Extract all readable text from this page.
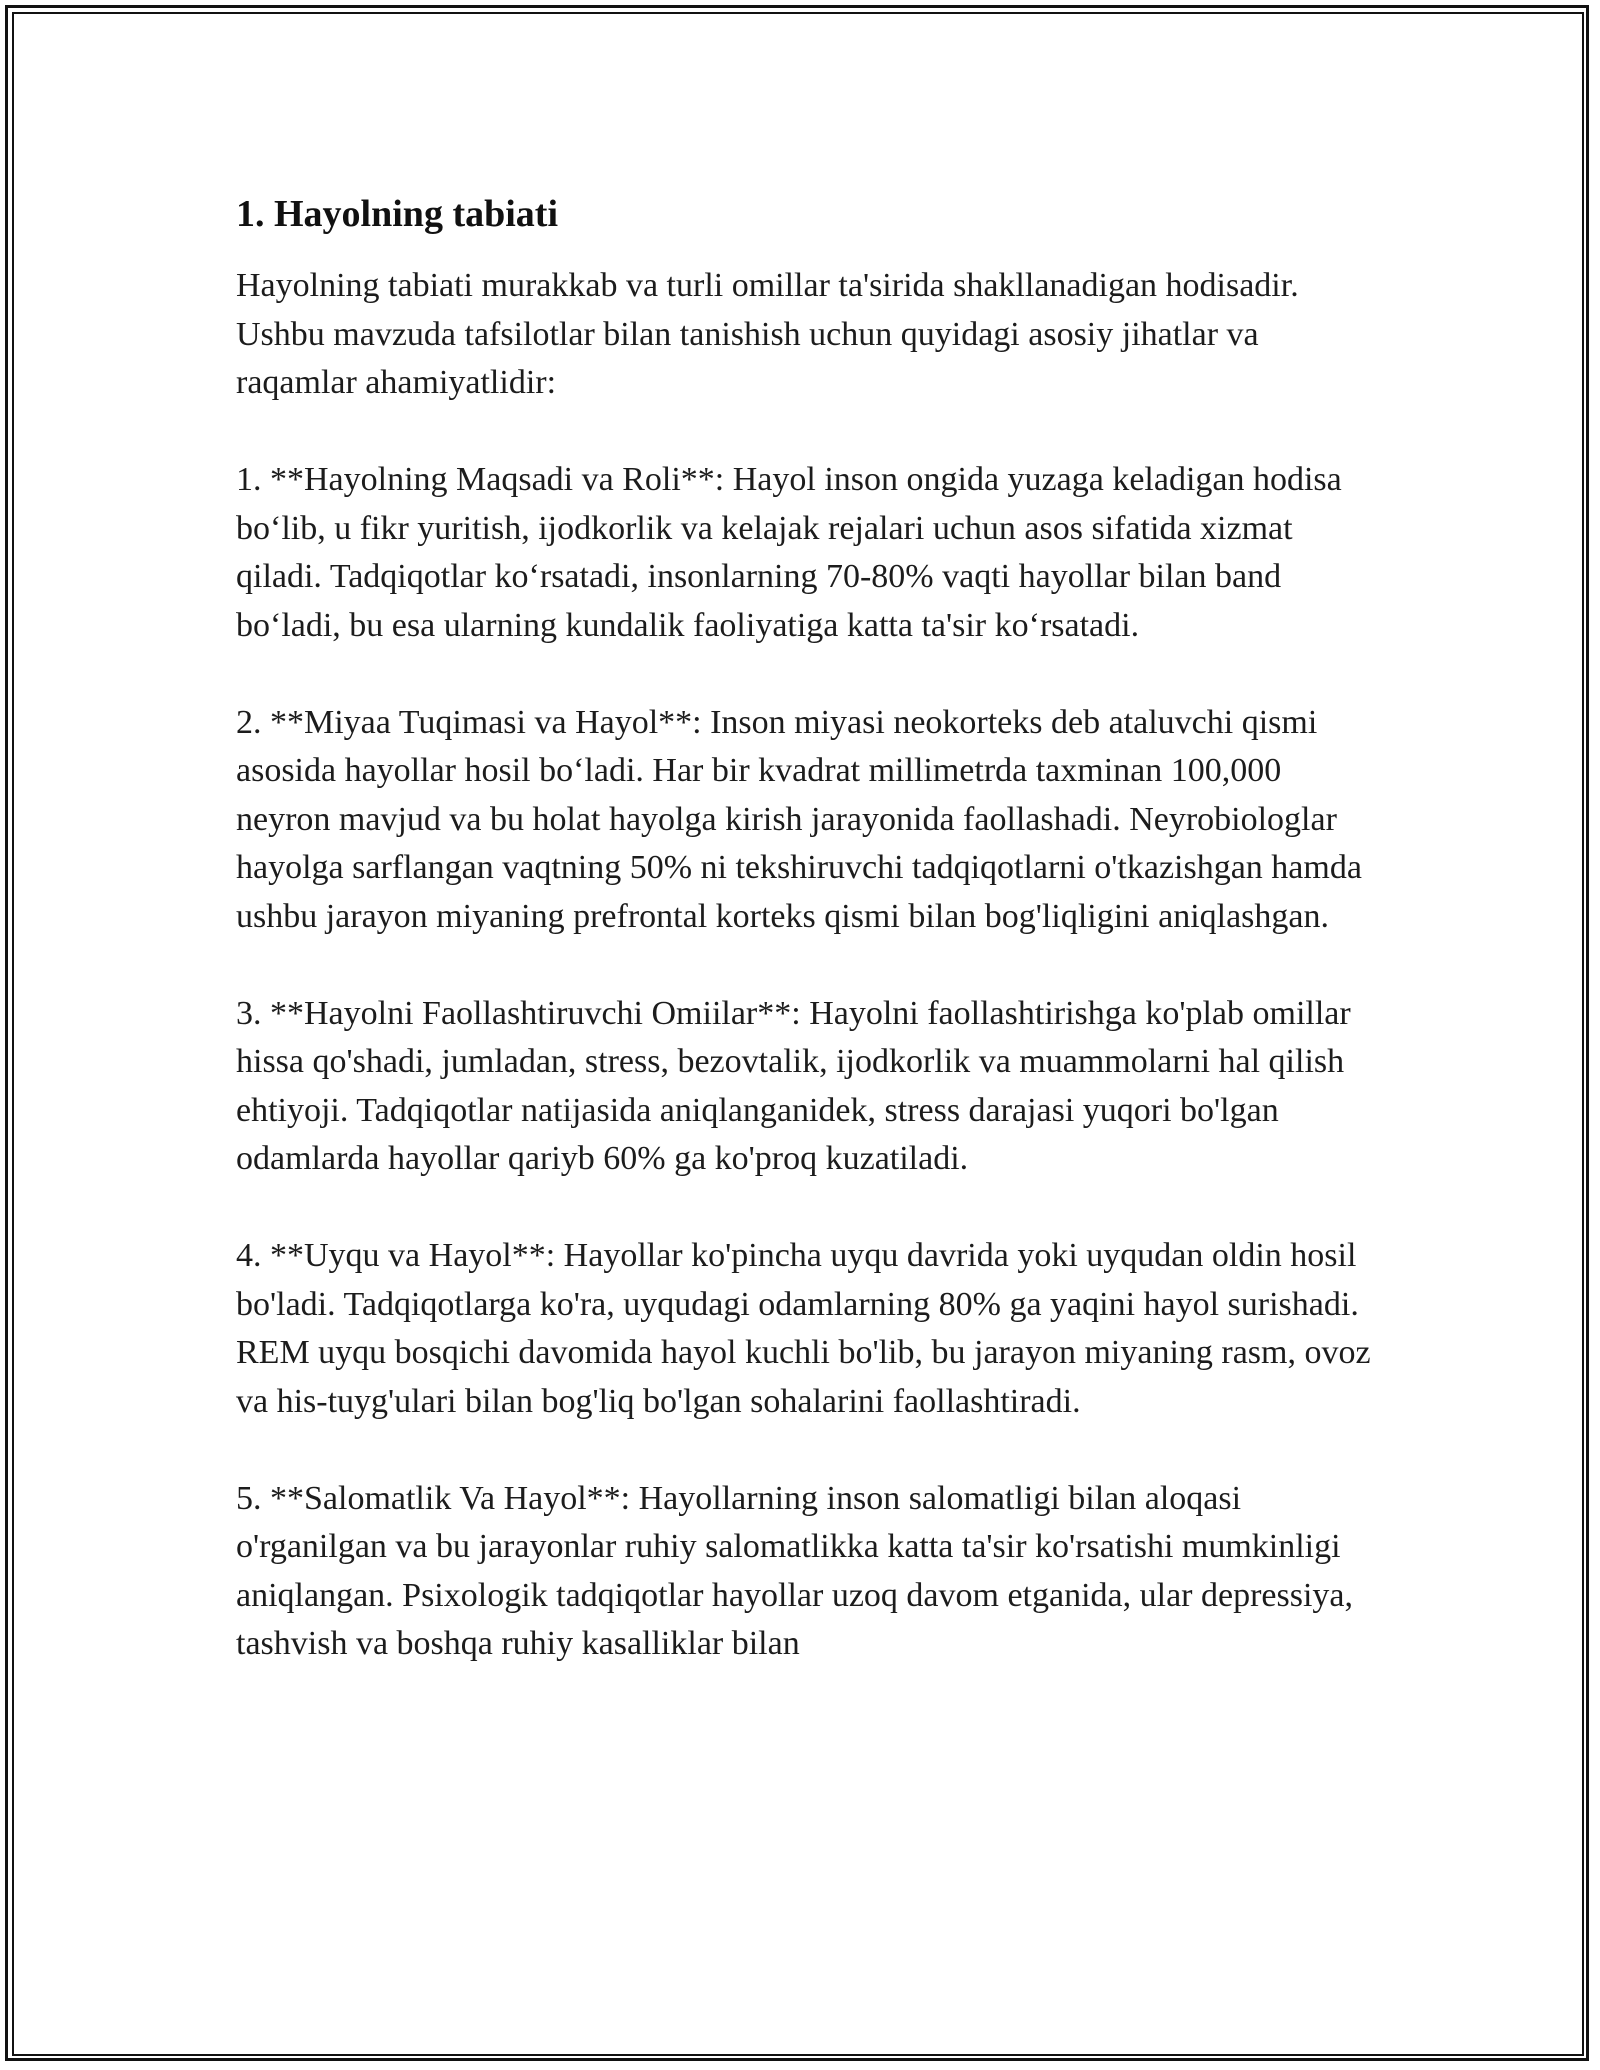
1. Hayolning tabiati

Hayolning tabiati murakkab va turli omillar ta'sirida shakllanadigan hodisadir. Ushbu mavzuda tafsilotlar bilan tanishish uchun quyidagi asosiy jihatlar va raqamlar ahamiyatlidir:

1. **Hayolning Maqsadi va Roli**: Hayol inson ongida yuzaga keladigan hodisa boʻlib, u fikr yuritish, ijodkorlik va kelajak rejalari uchun asos sifatida xizmat qiladi. Tadqiqotlar koʻrsatadi, insonlarning 70-80% vaqti hayollar bilan band boʻladi, bu esa ularning kundalik faoliyatiga katta ta'sir koʻrsatadi.

2. **Miyaa Tuqimasi va Hayol**: Inson miyasi neokorteks deb ataluvchi qismi asosida hayollar hosil boʻladi. Har bir kvadrat millimetrda taxminan 100,000 neyron mavjud va bu holat hayolga kirish jarayonida faollashadi. Neyrobiologlar hayolga sarflangan vaqtning 50% ni tekshiruvchi tadqiqotlarni o'tkazishgan hamda ushbu jarayon miyaning prefrontal korteks qismi bilan bog'liqligini aniqlashgan.

3. **Hayolni Faollashtiruvchi Omiilar**: Hayolni faollashtirishga ko'plab omillar hissa qo'shadi, jumladan, stress, bezovtalik, ijodkorlik va muammolarni hal qilish ehtiyoji. Tadqiqotlar natijasida aniqlanganidek, stress darajasi yuqori bo'lgan odamlarda hayollar qariyb 60% ga ko'proq kuzatiladi.

4. **Uyqu va Hayol**: Hayollar ko'pincha uyqu davrida yoki uyqudan oldin hosil bo'ladi. Tadqiqotlarga ko'ra, uyqudagi odamlarning 80% ga yaqini hayol surishadi. REM uyqu bosqichi davomida hayol kuchli bo'lib, bu jarayon miyaning rasm, ovoz va his-tuyg'ulari bilan bog'liq bo'lgan sohalarini faollashtiradi.

5. **Salomatlik Va Hayol**: Hayollarning inson salomatligi bilan aloqasi o'rganilgan va bu jarayonlar ruhiy salomatlikka katta ta'sir ko'rsatishi mumkinligi aniqlangan. Psixologik tadqiqotlar hayollar uzoq davom etganida, ular depressiya, tashvish va boshqa ruhiy kasalliklar bilan
